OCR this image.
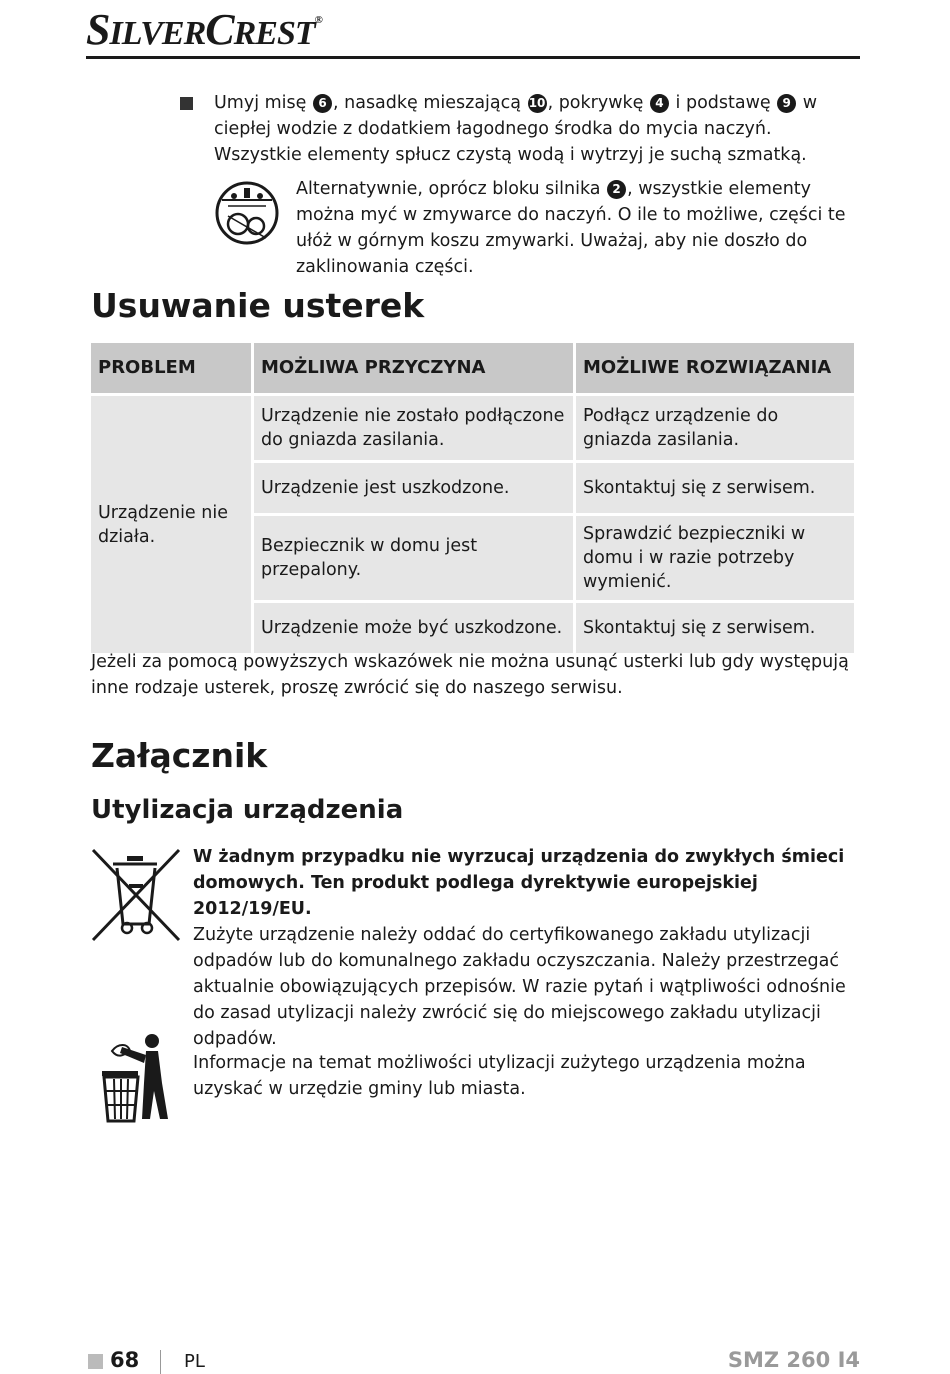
SILVERCREST®
Umyj misę 6 , nasadkę mieszającą 10 , pokrywkę 4 i podstawę 9 w ciepłej wodzie z dodatkiem łagodnego środka do mycia naczyń. Wszystkie elementy spłucz czystą wodą i wytrzyj je suchą szmatką.
Alternatywnie, oprócz bloku silnika 2 , wszystkie elementy można myć w zmywarce do naczyń. O ile to możliwe, części te ułóż w górnym koszu zmywarki. Uważaj, aby nie doszło do zaklinowania części.
Usuwanie usterek
PROBLEM	MOŻLIWA PRZYCZYNA	MOŻLIWE ROZWIĄZANIA
Urządzenie nie działa.	Urządzenie nie zostało podłączone do gniazda zasilania.	Podłącz urządzenie do gniazda zasilania.
	Urządzenie jest uszkodzone.	Skontaktuj się z serwisem.
	Bezpiecznik w domu jest przepalony.	Sprawdzić bezpieczniki w domu i w razie potrzeby wymienić.
	Urządzenie może być uszkodzone.	Skontaktuj się z serwisem.
Jeżeli za pomocą powyższych wskazówek nie można usunąć usterki lub gdy występują inne rodzaje usterek, proszę zwrócić się do naszego serwisu.
Załącznik
Utylizacja urządzenia
W żadnym przypadku nie wyrzucaj urządzenia do zwykłych śmieci domowych. Ten produkt podlega dyrektywie europejskiej 2012/19/EU.
Zużyte urządzenie należy oddać do certyfikowanego zakładu utylizacji odpadów lub do komunalnego zakładu oczyszczania. Należy przestrzegać aktualnie obowiązujących przepisów. W razie pytań i wątpliwości odnośnie do zasad utylizacji należy zwrócić się do miejscowego zakładu utylizacji odpadów.
Informacje na temat możliwości utylizacji zużytego urządzenia można uzyskać w urzędzie gminy lub miasta.
68 PL	SMZ 260 I4
